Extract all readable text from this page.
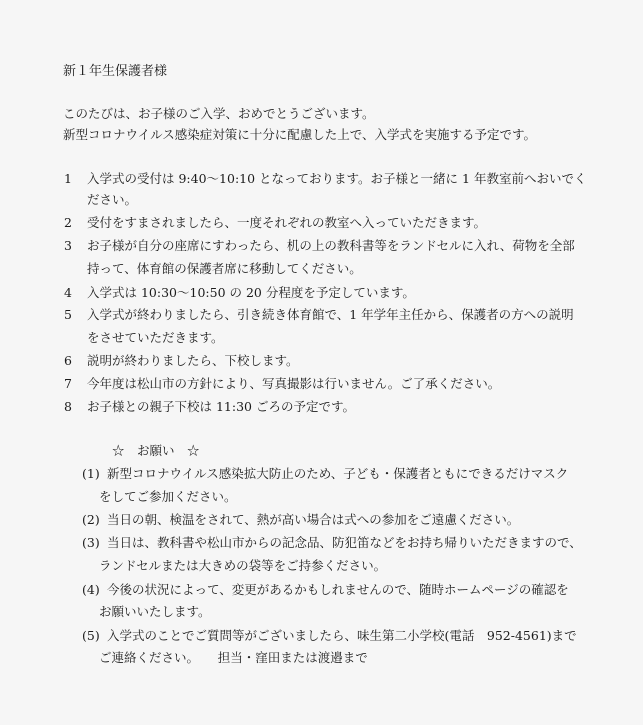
新１年生保護者様
このたびは、お子様のご入学、おめでとうございます。
新型コロナウイルス感染症対策に十分に配慮した上で、入学式を実施する予定です。
1 入学式の受付は 9:40～10:10 となっております。お子様と一緒に 1 年教室前へおいでく
ださい。
2 受付をすまされましたら、一度それぞれの教室へ入っていただきます。
3 お子様が自分の座席にすわったら、机の上の教科書等をランドセルに入れ、荷物を全部
持って、体育館の保護者席に移動してください。
4 入学式は 10:30～10:50 の 20 分程度を予定しています。
5 入学式が終わりましたら、引き続き体育館で、1 年学年主任から、保護者の方への説明
をさせていただきます。
6 説明が終わりましたら、下校します。
7 今年度は松山市の方針により、写真撮影は行いません。ご了承ください。
8 お子様との親子下校は 11:30 ごろの予定です。
☆　お願い　☆
(1) 新型コロナウイルス感染拡大防止のため、子ども・保護者ともにできるだけマスク
をしてご参加ください。
(2) 当日の朝、検温をされて、熱が高い場合は式への参加をご遠慮ください。
(3) 当日は、教科書や松山市からの記念品、防犯笛などをお持ち帰りいただきますので、
ランドセルまたは大きめの袋等をご持参ください。
(4) 今後の状況によって、変更があるかもしれませんので、随時ホームページの確認を
お願いいたします。
(5) 入学式のことでご質問等がございましたら、味生第二小学校(電話　952-4561)まで
ご連絡ください。　　担当・窪田または渡邉まで
